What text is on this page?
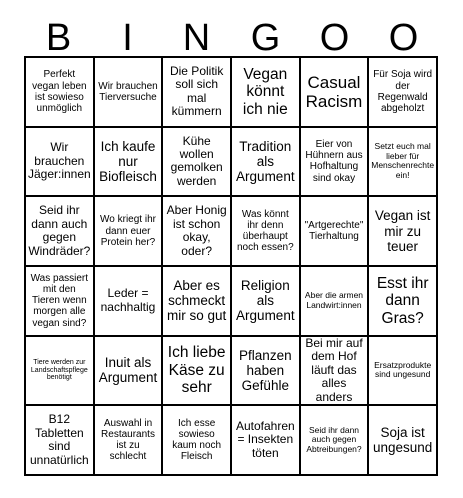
B	I	N	G	O	O
Perfekt vegan leben ist sowieso unmöglich
Wir brauchen Tierversuche
Die Politik soll sich mal kümmern
Vegan könnt ich nie
Casual Racism
Für Soja wird der Regenwald abgeholzt
Wir brauchen Jäger:innen
Ich kaufe nur Biofleisch
Kühe wollen gemolken werden
Tradition als Argument
Eier von Hühnern aus Hofhaltung sind okay
Setzt euch mal lieber für Menschenrechte ein!
Seid ihr dann auch gegen Windräder?
Wo kriegt ihr dann euer Protein her?
Aber Honig ist schon okay, oder?
Was könnt ihr denn überhaupt noch essen?
"Artgerechte" Tierhaltung
Vegan ist mir zu teuer
Was passiert mit den Tieren wenn morgen alle vegan sind?
Leder = nachhaltig
Aber es schmeckt mir so gut
Religion als Argument
Aber die armen Landwirt:innen
Esst ihr dann Gras?
Tiere werden zur Landschaftspflege benötigt
Inuit als Argument
Ich liebe Käse zu sehr
Pflanzen haben Gefühle
Bei mir auf dem Hof läuft das alles anders
Ersatzprodukte sind ungesund
B12 Tabletten sind unnatürlich
Auswahl in Restaurants ist zu schlecht
Ich esse sowieso kaum noch Fleisch
Autofahren = Insekten töten
Seid ihr dann auch gegen Abtreibungen?
Soja ist ungesund
